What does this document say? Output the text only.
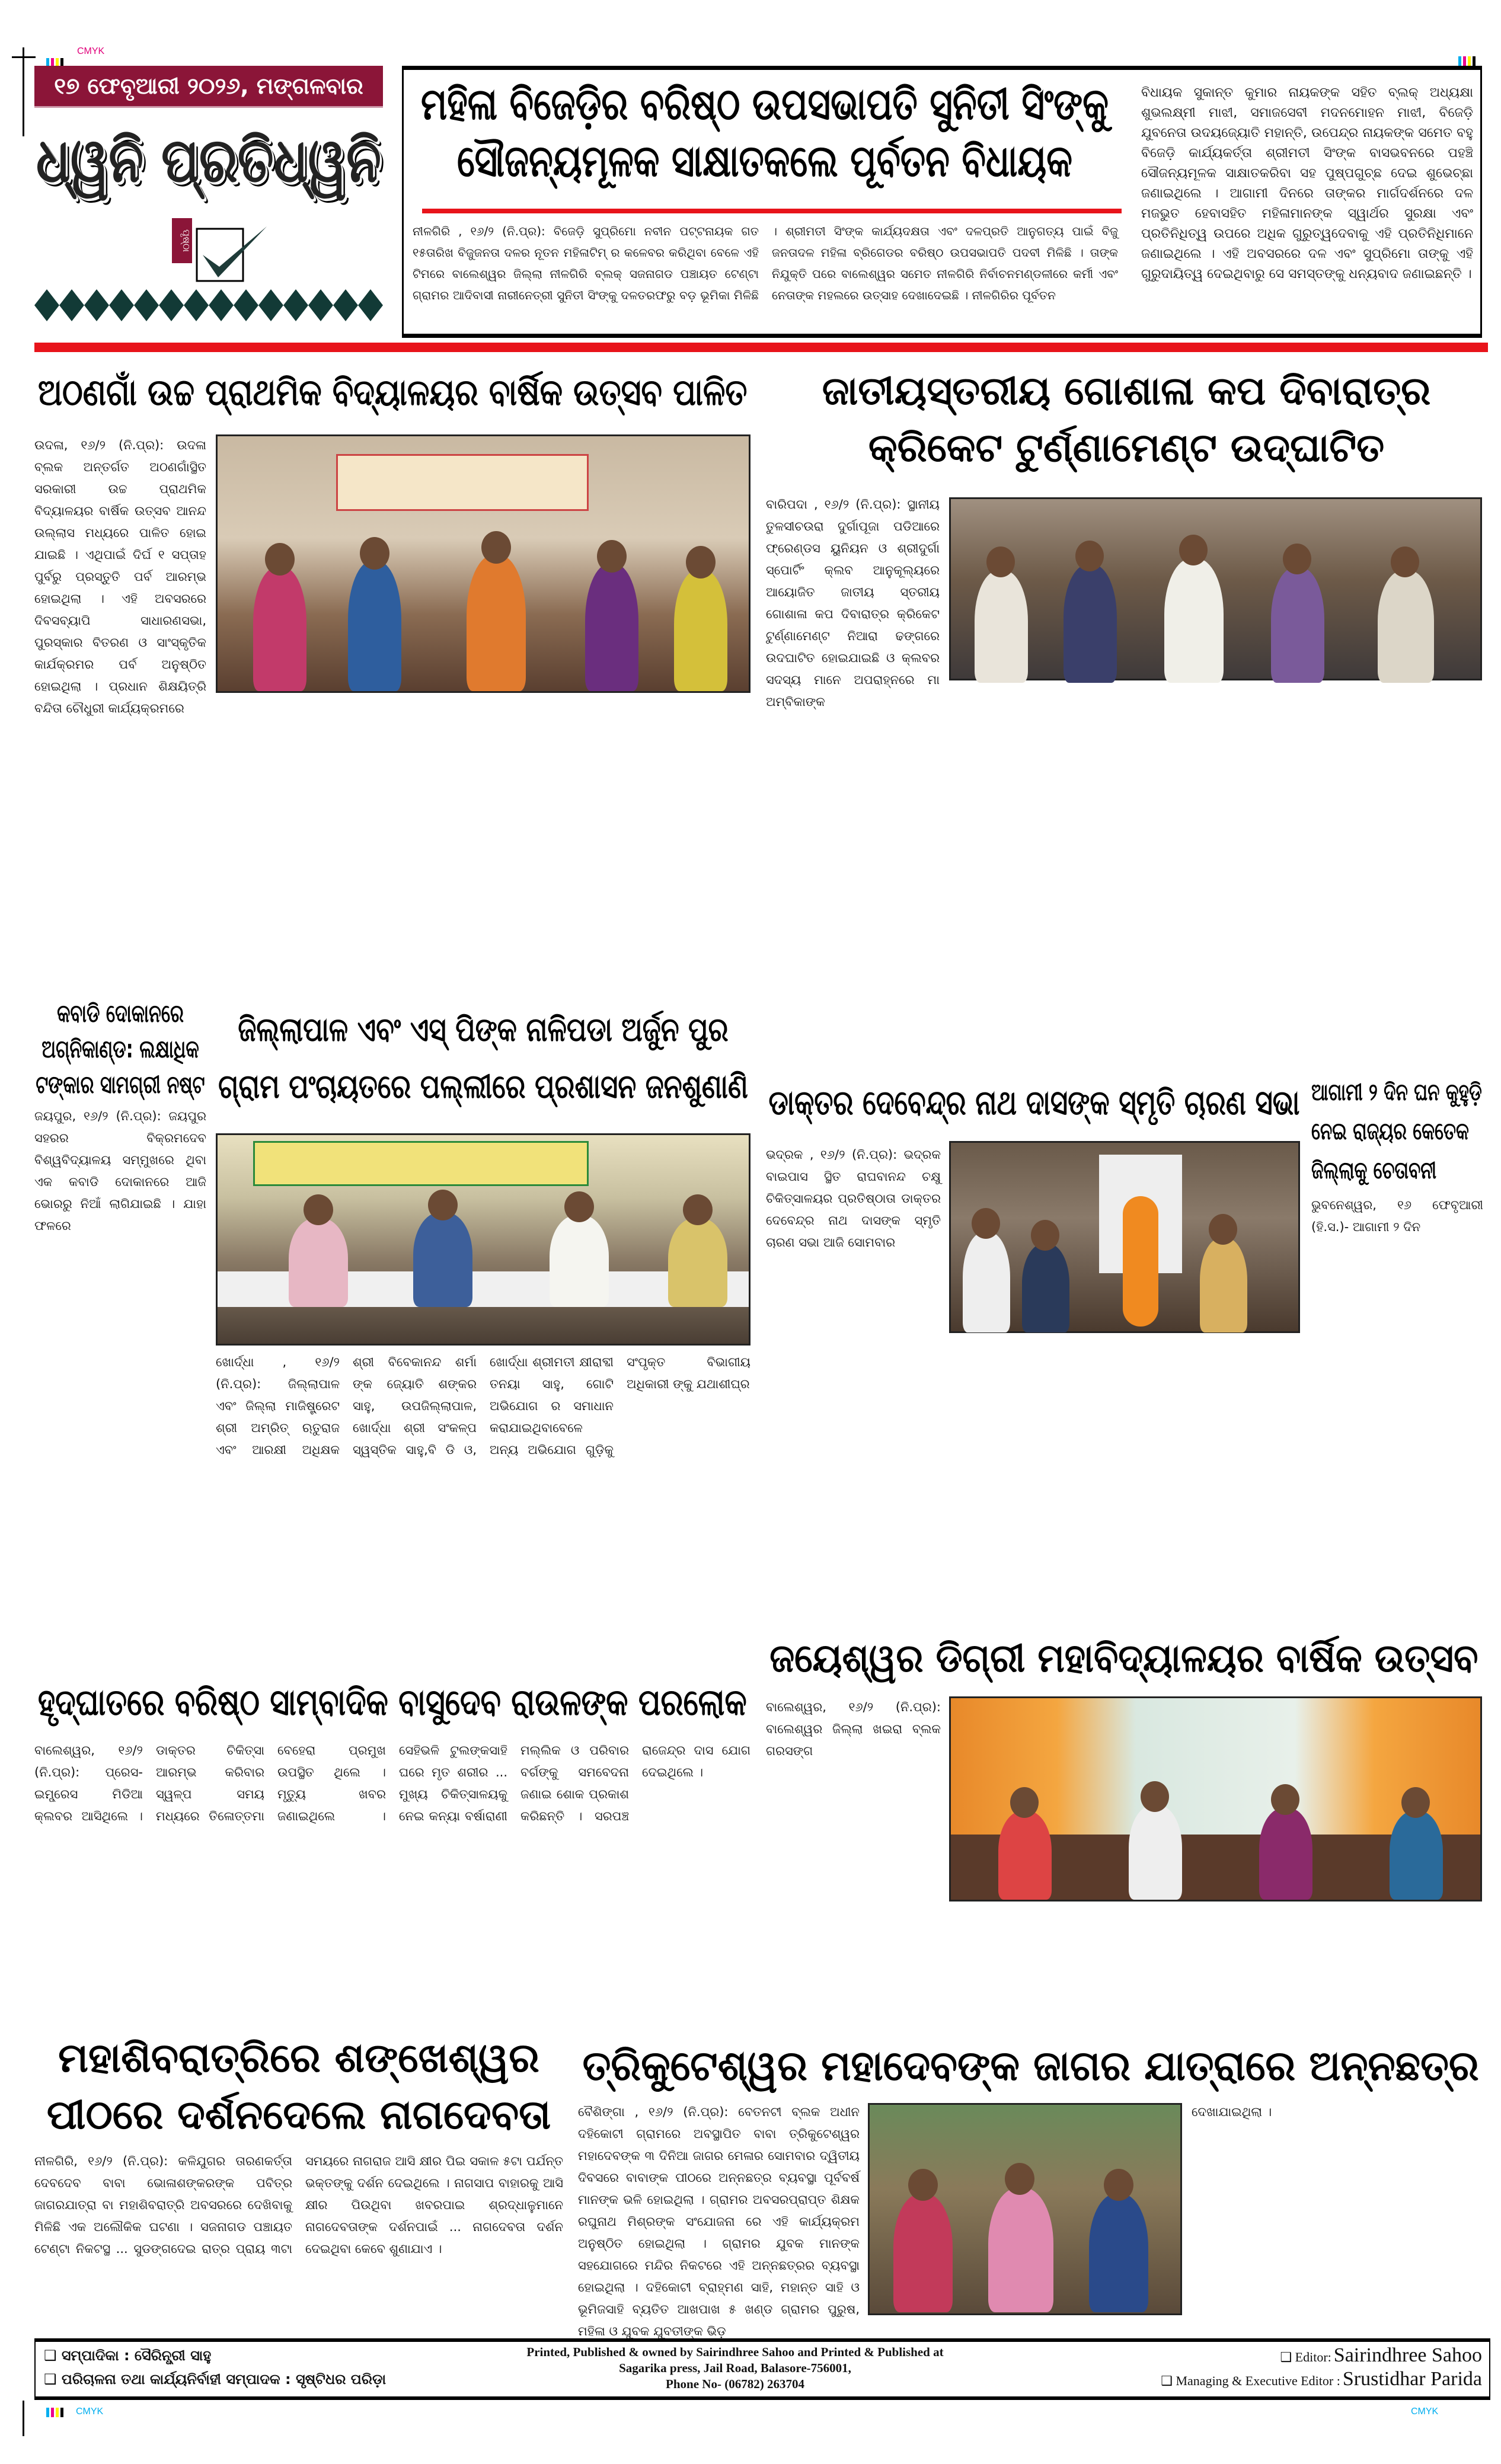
CMYK
୧୭ ଫେବୃଆରୀ ୨୦୨୬, ମଙ୍ଗଳବାର
ଧ୍ୱନି ପ୍ରତିଧ୍ୱନି
ପୃଷ୍ଠା
ମହିଳା ବିଜେଡ଼ିର ବରିଷ୍ଠ ଉପସଭାପତି ସୁନିତୀ ସିଂଙ୍କୁ ସୌଜନ୍ୟମୂଳକ ସାକ୍ଷାତକଲେ ପୂର୍ବତନ ବିଧାୟକ
ନୀଳଗିରି , ୧୬/୨ (ନି.ପ୍ର): ବିଜେଡ଼ି ସୁପ୍ରିମୋ ନବୀନ ପଟ୍ଟନାୟକ ଗତ ୧୫ତାରିଖ ବିଜୁଜନତା ଦଳର ନୂତନ ମହିଳାଟିମ୍ ର କଳେବର କରିଥିବା ବେଳେ ଏହି ଟିମରେ ବାଲେଶ୍ୱର ଜିଲ୍ଲା ନୀଳଗିରି ବ୍ଲକ୍ ସଜନାଗଡ ପଞ୍ଚାୟତ ଟେଣ୍ଟା ଗ୍ରାମର ଆଦିବାସୀ ନାରୀନେତ୍ରୀ ସୁନିତୀ ସିଂଙ୍କୁ ଦଳତରଫରୁ ବଡ଼ ଭୂମିକା ମିଳିଛି । ଶ୍ରୀମତୀ ସିଂଙ୍କ କାର୍ଯ୍ୟଦକ୍ଷତା ଏବଂ ଦଳପ୍ରତି ଆନୁଗତ୍ୟ ପାଇଁ ବିଜୁ ଜନତାଦଳ ମହିଳା ବ୍ରିଗେଡର ବରିଷ୍ଠ ଉପସଭାପତି ପଦବୀ ମିଳିଛି । ତାଙ୍କ ନିଯୁକ୍ତି ପରେ ବାଲେଶ୍ୱର ସମେତ ନୀଳଗିରି ନିର୍ବାଚନମଣ୍ଡଳୀରେ କର୍ମୀ ଏବଂ ନେତାଙ୍କ ମହଲରେ ଉତ୍ସାହ ଦେଖାଦେଇଛି । ନୀଳଗିରିର ପୂର୍ବତନ
ବିଧାୟକ ସୁକାନ୍ତ କୁମାର ନାୟକଙ୍କ ସହିତ ବ୍ଲକ୍ ଅଧ୍ୟକ୍ଷା ଶୁଭଲକ୍ଷ୍ମୀ ମାଝୀ, ସମାଜସେବୀ ମଦନମୋହନ ମାଝୀ, ବିଜେଡ଼ି ଯୁବନେତା ଉଦୟଜ୍ୟୋତି ମହାନ୍ତି, ଉପେନ୍ଦ୍ର ନାୟକଙ୍କ ସମେତ ବହୁ ବିଜେଡ଼ି କାର୍ଯ୍ୟକର୍ତ୍ତା ଶ୍ରୀମତୀ ସିଂଙ୍କ ବାସଭବନରେ ପହଞ୍ଚି ସୌଜନ୍ୟମୂଳକ ସାକ୍ଷାତକରିବା ସହ ପୁଷ୍ପଗୁଚ୍ଛ ଦେଇ ଶୁଭେଚ୍ଛା ଜଣାଇଥିଲେ । ଆଗାମୀ ଦିନରେ ତାଙ୍କର ମାର୍ଗଦର୍ଶନରେ ଦଳ ମଜଭୁତ ହେବାସହିତ ମହିଳାମାନଙ୍କ ସ୍ୱାର୍ଥର ସୁରକ୍ଷା ଏବଂ ପ୍ରତିନିଧିତ୍ୱ ଉପରେ ଅଧିକ ଗୁରୁତ୍ୱଦେବାକୁ ଏହି ପ୍ରତିନିଧିମାନେ ଜଣାଇଥିଲେ । ଏହି ଅବସରରେ ଦଳ ଏବଂ ସୁପ୍ରିମୋ ତାଙ୍କୁ ଏହି ଗୁରୁଦାୟିତ୍ୱ ଦେଇଥିବାରୁ ସେ ସମସ୍ତଙ୍କୁ ଧନ୍ୟବାଦ ଜଣାଇଛନ୍ତି ।
ଅଠଣଗାଁ ଉଚ୍ଚ ପ୍ରାଥମିକ ବିଦ୍ୟାଳୟର ବାର୍ଷିକ ଉତ୍ସବ ପାଳିତ
ଉଦଳା, ୧୬/୨ (ନି.ପ୍ର): ଉଦଳା ବ୍ଲକ ଅନ୍ତର୍ଗତ ଅଠଣଗାଁସ୍ଥିତ ସରକାରୀ ଉଚ୍ଚ ପ୍ରାଥମିକ ବିଦ୍ୟାଳୟର ବାର୍ଷିକ ଉତ୍ସବ ଆନନ୍ଦ ଉଲ୍ଲାସ ମଧ୍ୟରେ ପାଳିତ ହୋଇ ଯାଇଛି । ଏଥିପାଇଁ ଦିର୍ଘ ୧ ସପ୍ତାହ ପୁର୍ବରୁ ପ୍ରସ୍ତୁତି ପର୍ବ ଆରମ୍ଭ ହୋଇଥିଲା । ଏହି ଅବସରରେ ଦିବସବ୍ୟାପି ସାଧାରଣସଭା, ପୁରସ୍କାର ବିତରଣ ଓ ସାଂସ୍କୃତିକ କାର୍ଯକ୍ରମର ପର୍ବ ଅନୁଷ୍ଠିତ ହୋଇଥିଲା । ପ୍ରଧାନ ଶିକ୍ଷୟିତ୍ରି ବନ୍ଦିତା ଚୌଧୁରୀ କାର୍ଯ୍ୟକ୍ରମରେ
ଜାତୀୟସ୍ତରୀୟ ଗୋଶାଳା କପ ଦିବାରାତ୍ର କ୍ରିକେଟ ଟୁର୍ଣ୍ଣାମେଣ୍ଟ ଉଦ୍‌ଘାଟିତ
ବାରିପଦା , ୧୬/୨ (ନି.ପ୍ର): ସ୍ଥାନୀୟ ତୁଳସୀଚଉରା ଦୁର୍ଗାପୂଜା ପଡିଆରେ ଫ୍ରେଣ୍ଡସ ୟୁନିୟନ ଓ ଶ୍ରୀଦୁର୍ଗା ସ୍ପୋର୍ଟିଂ କ୍ଲବ ଆନୁକୂଲ୍ୟରେ ଆୟୋଜିତ ଜାତୀୟ ସ୍ତରୀୟ ଗୋଶାଳା କପ ଦିବାରାତ୍ର କ୍ରିକେଟ ଟୁର୍ଣ୍ଣାମେଣ୍ଟ ନିଆରା ଢଙ୍ଗରେ ଉଦଘାଟିତ ହୋଇଯାଇଛି ଓ କ୍ଲବର ସଦସ୍ୟ ମାନେ ଅପରାହ୍ନରେ ମା ଅମ୍ବିକାଙ୍କ
କବାଡି ଦୋକାନରେ ଅଗ୍ନିକାଣ୍ଡ: ଲକ୍ଷାଧିକ ଟଙ୍କାର ସାମଗ୍ରୀ ନଷ୍ଟ
ଜୟପୁର, ୧୬/୨ (ନି.ପ୍ର): ଜୟପୁର ସହରର ବିକ୍ରମଦେବ ବିଶ୍ୱବିଦ୍ୟାଳୟ ସମ୍ମୁଖରେ ଥିବା ଏକ କବାଡି ଦୋକାନରେ ଆଜି ଭୋରରୁ ନିଆଁ ଲାଗିଯାଇଛି । ଯାହା ଫଳରେ
ଜିଲ୍ଲାପାଳ ଏବଂ ଏସ୍ ପିଙ୍କ ନାଳିପଡା ଅର୍ଜୁନ ପୁର ଗ୍ରାମ ପଂଚାୟତରେ ପଲ୍ଲୀରେ ପ୍ରଶାସନ ଜନଶୁଣାଣି
ଖୋର୍ଦ୍ଧା , ୧୬/୨ (ନି.ପ୍ର): ଜିଲ୍ଲାପାଳ ଏବଂ ଜିଲ୍ଲା ମାଜିଷ୍ଟ୍ରେଟ ଶ୍ରୀ ଅମ୍ରିତ୍ ଋତୁରାଜ ଏବଂ ଆରକ୍ଷୀ ଅଧିକ୍ଷକ ଶ୍ରୀ ବିବେକାନନ୍ଦ ଶର୍ମା ଙ୍କ ଜ୍ୟୋତି ଶଙ୍କର ସାହୁ, ଉପଜିଲ୍ଲାପାଳ, ଖୋର୍ଦ୍ଧା ଶ୍ରୀ ସଂକଳ୍ପ ସ୍ୱସ୍ତିକ ସାହୁ,ବି ଡି ଓ, ଖୋର୍ଦ୍ଧା ଶ୍ରୀମତୀ କ୍ଷୀରାବ୍ଦୀ ତନୟା ସାହୁ, ଗୋଟି ଅଭିଯୋଗ ର ସମାଧାନ କରାଯାଇଥିବାବେଳେ ଅନ୍ୟ ଅଭିଯୋଗ ଗୁଡ଼ିକୁ ସଂପୃକ୍ତ ବିଭାଗୀୟ ଅଧିକାରୀ ଙ୍କୁ ଯଥାଶୀଘ୍ର
ଡାକ୍ତର ଦେବେନ୍ଦ୍ର ନାଥ ଦାସଙ୍କ ସ୍ମୃତି ଚାରଣ ସଭା
ଭଦ୍ରକ , ୧୬/୨ (ନି.ପ୍ର): ଭଦ୍ରକ ବାଇପାସ ସ୍ଥିତ ରାଘବାନନ୍ଦ ଚକ୍ଷୁ ଚିକିତ୍ସାଳୟର ପ୍ରତିଷ୍ଠାତା ଡାକ୍ତର ଦେବେନ୍ଦ୍ର ନାଥ ଦାସଙ୍କ ସ୍ମୃତି ଚାରଣ ସଭା ଆଜି ସୋମବାର
ଆଗାମୀ ୨ ଦିନ ଘନ କୁହୁଡ଼ି ନେଇ ରାଜ୍ୟର କେତେକ ଜିଲ୍ଲାକୁ ଚେତାବନୀ
ଭୁବନେଶ୍ୱର, ୧୬ ଫେବୃଆରୀ (ହି.ସ.)- ଆଗାମୀ ୨ ଦିନ
ହୃଦ୍‌ଘାତରେ ବରିଷ୍ଠ ସାମ୍ବାଦିକ ବାସୁଦେବ ରାଉଳଙ୍କ ପରଲୋକ
ବାଲେଶ୍ୱର, ୧୬/୨ (ନି.ପ୍ର): ପ୍ରେସ-ଇମ୍ପ୍ରେସ ମିଡିଆ କ୍ଲବର ଆସିଥିଲେ । ଡାକ୍ତର ଚିକିତ୍ସା ଆରମ୍ଭ କରିବାର ସ୍ୱଳ୍ପ ସମୟ ମଧ୍ୟରେ ତିଳୋତ୍ତମା ବେହେରା ପ୍ରମୁଖ ଉପସ୍ଥିତ ଥିଲେ । ମୃତ୍ୟୁ ଖବର ଜଣାଇଥିଲେ । ସେହିଭଳି ଟୁଲଙ୍କସାହି ଘରେ ମୃତ ଶରୀର ... ମୁଖ୍ୟ ଚିକିତ୍ସାଳୟକୁ ନେଇ କନ୍ୟା ବର୍ଷାରାଣୀ ମଲ୍ଲିକ ଓ ପରିବାର ବର୍ଗଙ୍କୁ ସମବେଦନା ଜଣାଇ ଶୋକ ପ୍ରକାଶ କରିଛନ୍ତି । ସରପଞ୍ଚ ରାଜେନ୍ଦ୍ର ଦାସ ଯୋଗ ଦେଇଥିଲେ ।
ଜୟେଶ୍ୱର ଡିଗ୍ରୀ ମହାବିଦ୍ୟାଳୟର ବାର୍ଷିକ ଉତ୍ସବ
ବାଲେଶ୍ୱର, ୧୬/୨ (ନି.ପ୍ର): ବାଲେଶ୍ୱର ଜିଲ୍ଲା ଖଇରା ବ୍ଲକ ଗରସଙ୍ଗ
ମହାଶିବରାତ୍ରିରେ ଶଙ୍ଖେଶ୍ୱର ପୀଠରେ ଦର୍ଶନଦେଲେ ନାଗଦେବତା
ନୀଳଗିରି, ୧୬/୨ (ନି.ପ୍ର): କଳିଯୁଗର ତାରଣକର୍ତ୍ତା ଦେବଦେବ ବାବା ଭୋଳାଶଙ୍କରଙ୍କ ପବିତ୍ର ଜାଗରଯାତ୍ରା ବା ମହାଶିବରାତ୍ରି ଅବସରରେ ଦେଖିବାକୁ ମିଳିଛି ଏକ ଅଲୌକିକ ଘଟଣା । ସଜନାଗଡ ପଞ୍ଚାୟତ ଟେଣ୍ଟା ନିକଟସ୍ଥ ... ସୁଡଙ୍ଗଦେଇ ରାତ୍ର ପ୍ରାୟ ୩ଟା ସମୟରେ ନାଗରାଜ ଆସି କ୍ଷୀର ପିଇ ସକାଳ ୫ଟା ପର୍ଯନ୍ତ ଭକ୍ତଙ୍କୁ ଦର୍ଶନ ଦେଇଥିଲେ । ନାଗସାପ ବାହାରକୁ ଆସି କ୍ଷୀର ପିଉଥିବା ଖବରପାଇ ଶ୍ରଦ୍ଧାଳୁମାନେ ନାଗଦେବତାଙ୍କ ଦର୍ଶନପାଇଁ ... ନାଗଦେବତା ଦର୍ଶନ ଦେଇଥିବା କେବେ ଶୁଣାଯାଏ ।
ତ୍ରିକୁଟେଶ୍ୱର ମହାଦେବଙ୍କ ଜାଗର ଯାତ୍ରାରେ ଅନ୍ନଛତ୍ର
ବୈଶିଙ୍ଗା , ୧୬/୨ (ନି.ପ୍ର): ବେତନଟୀ ବ୍ଲକ ଅଧୀନ ଦହିକୋଟୀ ଗ୍ରାମରେ ଅବସ୍ଥାପିତ ବାବା ତ୍ରିକୁଟେଶ୍ୱର ମହାଦେବଙ୍କ ୩ ଦିନିଆ ଜାଗର ମେଳାର ସୋମବାର ଦ୍ୱିତୀୟ ଦିବସରେ ବାବାଙ୍କ ପୀଠରେ ଅନ୍ନଛତ୍ର ବ୍ୟବସ୍ଥା ପୂର୍ବବର୍ଷ ମାନଙ୍କ ଭଳି ହୋଇଥିଲା । ଗ୍ରାମର ଅବସରପ୍ରାପ୍ତ ଶିକ୍ଷକ ରଘୁନାଥ ମିଶ୍ରଙ୍କ ସଂଯୋଜନା ରେ ଏହି କାର୍ଯ୍ୟକ୍ରମ ଅନୁଷ୍ଠିତ ହୋଇଥିଲା । ଗ୍ରାମର ଯୁବକ ମାନଙ୍କ ସହଯୋଗରେ ମନ୍ଦିର ନିକଟରେ ଏହି ଅନ୍ନଛତ୍ରର ବ୍ୟବସ୍ଥା ହୋଇଥିଲା । ଦହିକୋଟୀ ବ୍ରାହ୍ମଣ ସାହି, ମହାନ୍ତ ସାହି ଓ ଭୂମିଜସାହି ବ୍ୟତିତ ଆଖପାଖ ୫ ଖଣ୍ଡ ଗ୍ରାମର ପୁରୁଷ, ମହିଳା ଓ ଯୁବକ ଯୁବତୀଙ୍କ ଭିଡ଼
ଦେଖାଯାଇଥିଲା ।
❑ ସମ୍ପାଦିକା : ସୈରିନ୍ଧ୍ରୀ ସାହୁ
❑ ପରିଚାଳନା ତଥା କାର୍ଯ୍ୟନିର୍ବାହୀ ସମ୍ପାଦକ : ସୃଷ୍ଟିଧର ପରିଡ଼ା
Printed, Published & owned by Sairindhree Sahoo and Printed & Published at
Sagarika press, Jail Road, Balasore-756001,
Phone No- (06782) 263704
❑ Editor: Sairindhree Sahoo
❑ Managing & Executive Editor : Srustidhar Parida
CMYK	CMYK
